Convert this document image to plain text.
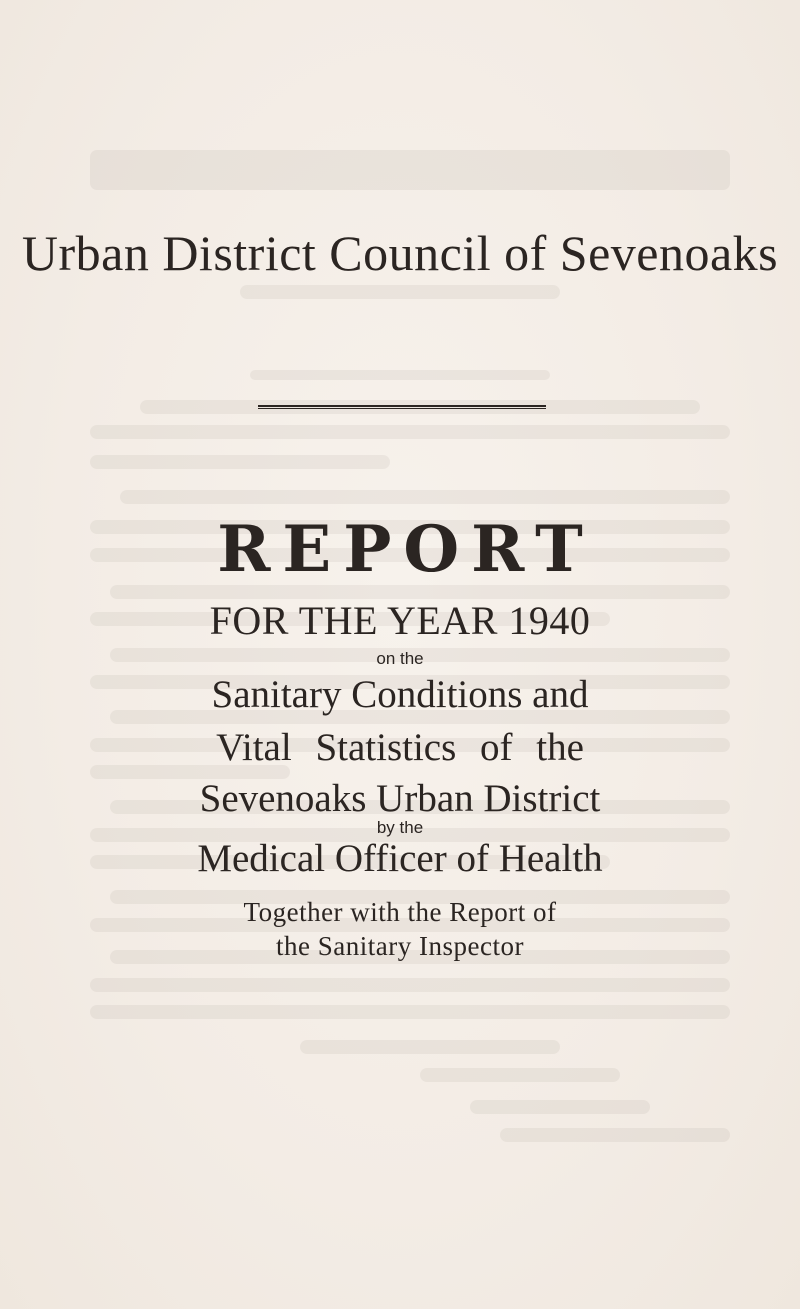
Urban District Council of Sevenoaks
REPORT
FOR THE YEAR 1940
on the
Sanitary Conditions and
Vital Statistics of the
Sevenoaks Urban District
by the
Medical Officer of Health
Together with the Report of
the Sanitary Inspector
